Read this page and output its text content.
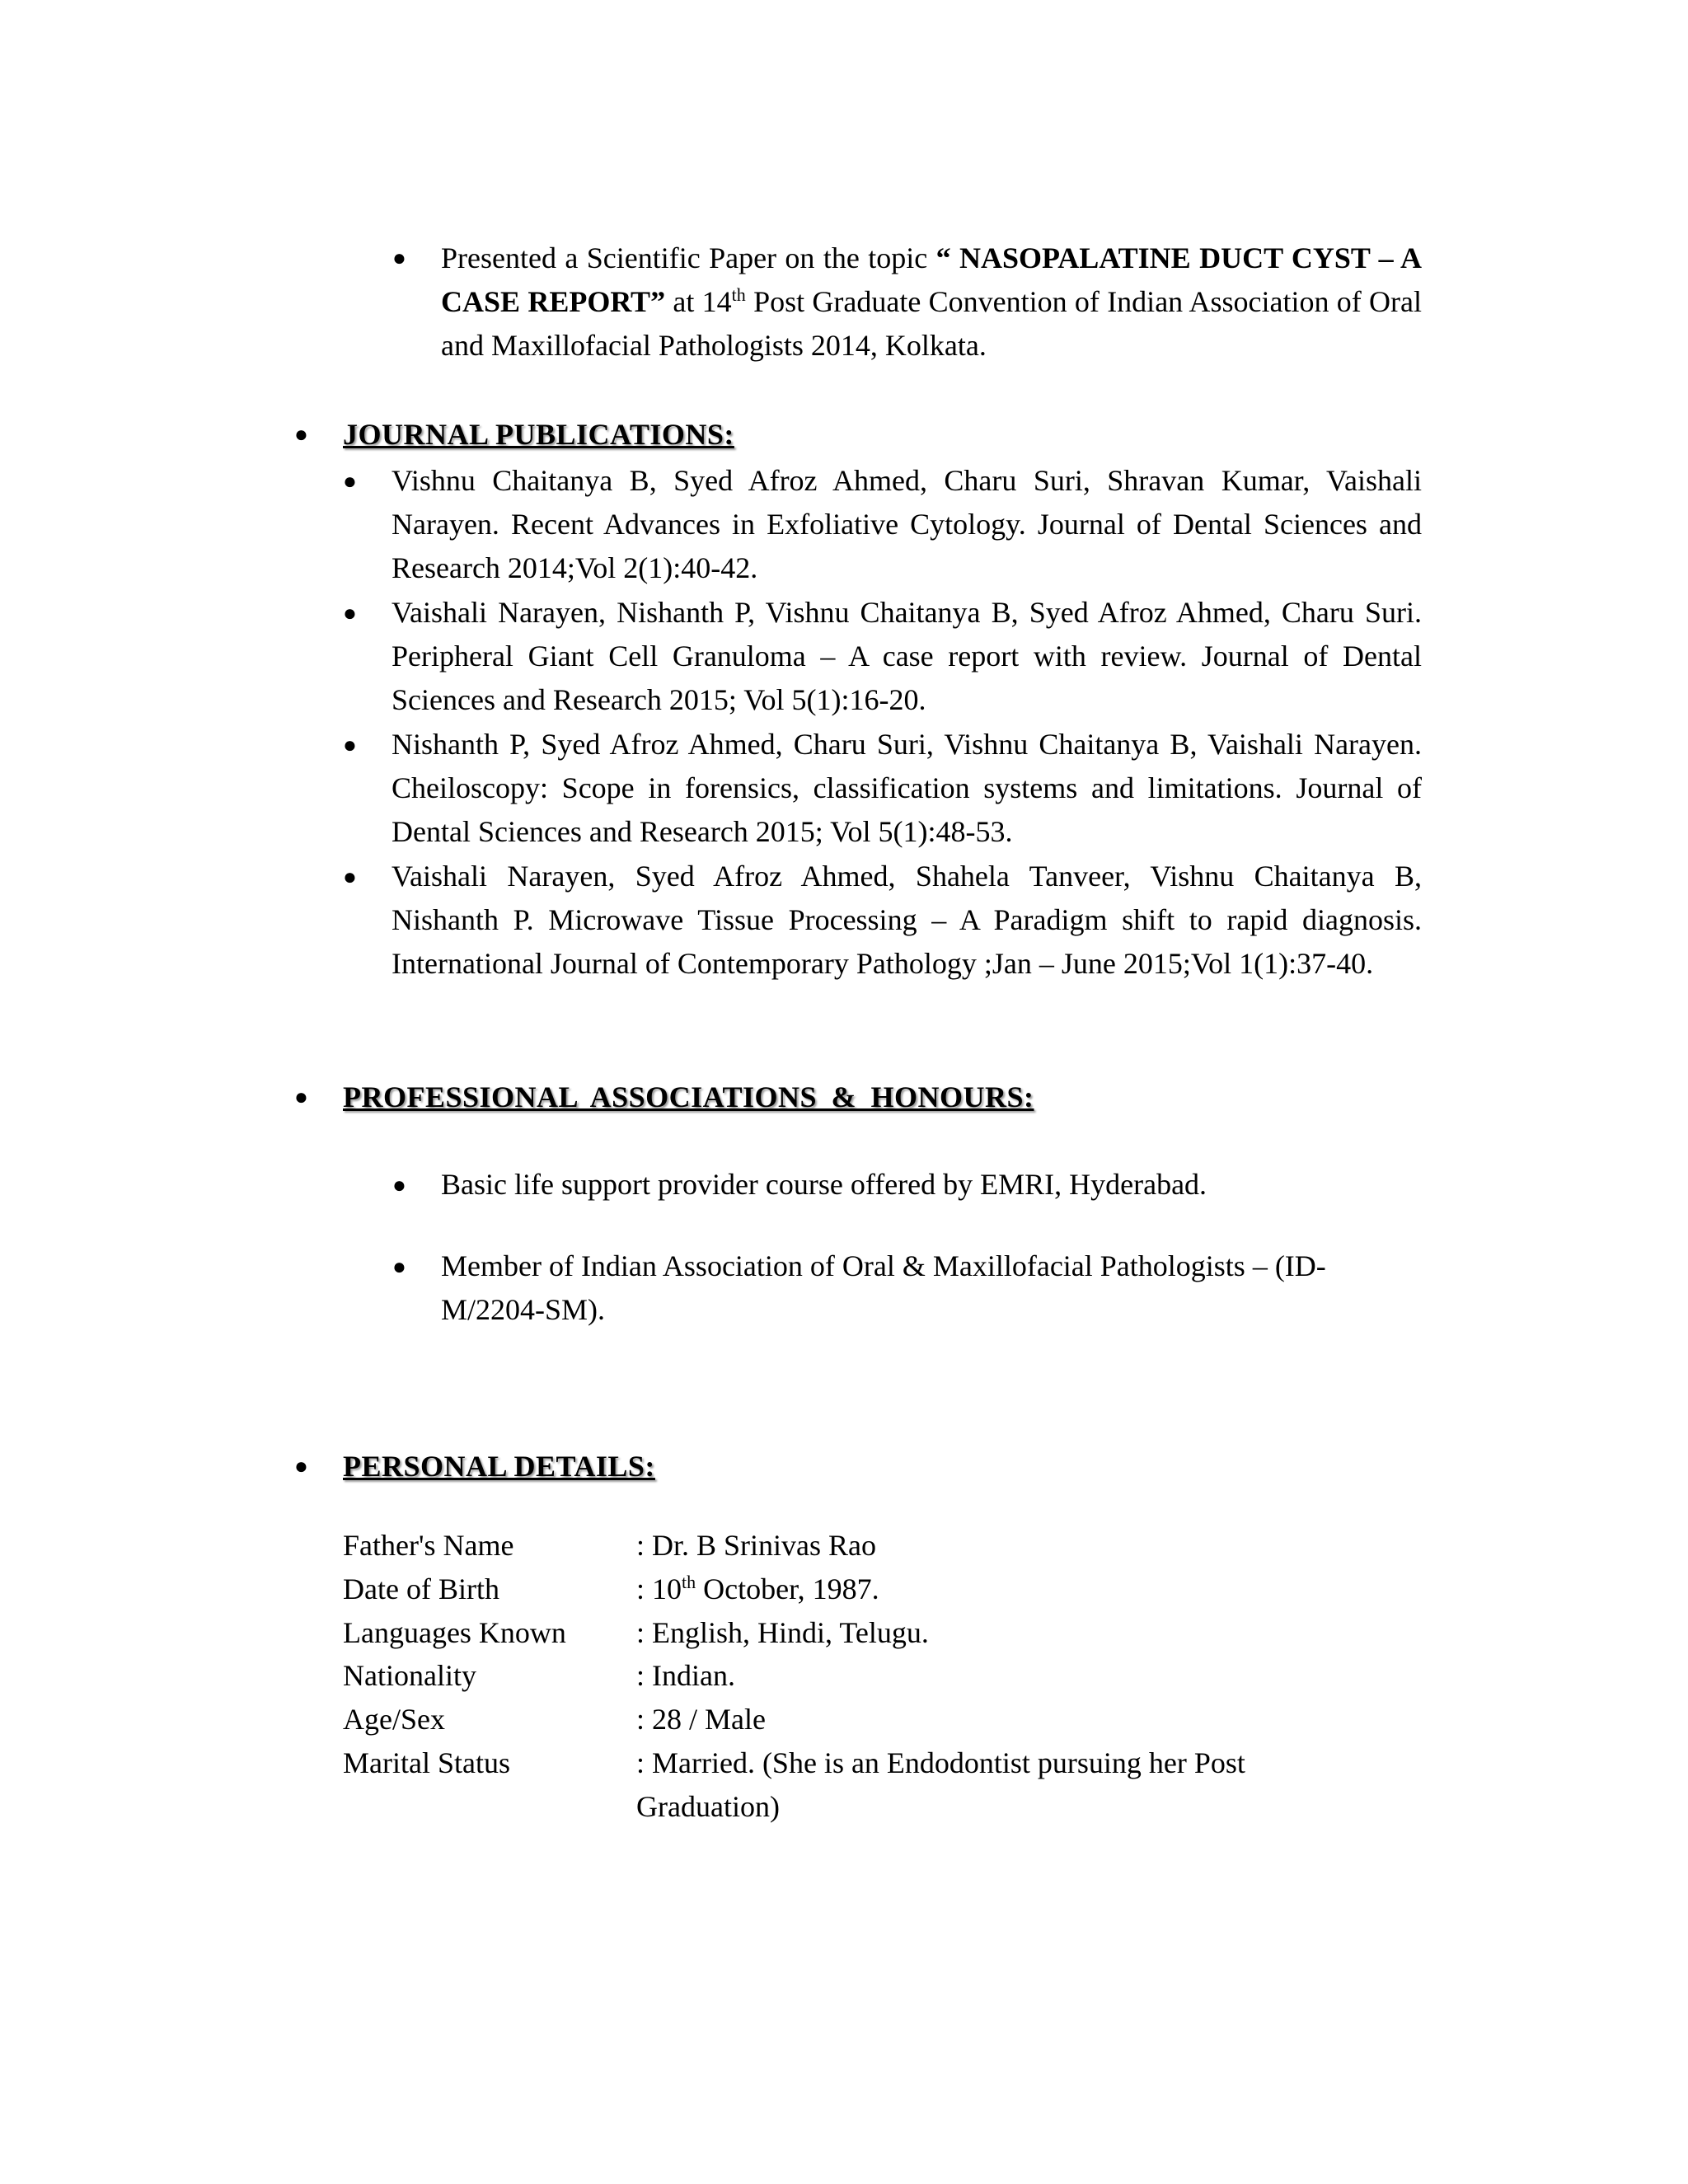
● Presented a Scientific Paper on the topic “ NASOPALATINE DUCT CYST – A CASE REPORT” at 14th Post Graduate Convention of Indian Association of Oral and Maxillofacial Pathologists 2014, Kolkata.
● JOURNAL PUBLICATIONS:
● Vishnu Chaitanya B, Syed Afroz Ahmed, Charu Suri, Shravan Kumar, Vaishali Narayen. Recent Advances in Exfoliative Cytology. Journal of Dental Sciences and Research 2014;Vol 2(1):40-42.
● Vaishali Narayen, Nishanth P, Vishnu Chaitanya B, Syed Afroz Ahmed, Charu Suri. Peripheral Giant Cell Granuloma – A case report with review. Journal of Dental Sciences and Research 2015; Vol 5(1):16-20.
● Nishanth P, Syed Afroz Ahmed, Charu Suri, Vishnu Chaitanya B, Vaishali Narayen. Cheiloscopy: Scope in forensics, classification systems and limitations. Journal of Dental Sciences and Research 2015; Vol 5(1):48-53.
● Vaishali Narayen, Syed Afroz Ahmed, Shahela Tanveer, Vishnu Chaitanya B, Nishanth P. Microwave Tissue Processing – A Paradigm shift to rapid diagnosis. International Journal of Contemporary Pathology ;Jan – June 2015;Vol 1(1):37-40.
● PROFESSIONAL ASSOCIATIONS & HONOURS:
● Basic life support provider course offered by EMRI, Hyderabad.
● Member of Indian Association of Oral & Maxillofacial Pathologists – (ID- M/2204-SM).
● PERSONAL DETAILS:
Father's Name	: Dr. B Srinivas Rao
Date of Birth	: 10th October, 1987.
Languages Known : English, Hindi, Telugu.
Nationality	: Indian.
Age/Sex	: 28 / Male
Marital Status	: Married. (She is an Endodontist pursuing her Post Graduation)
